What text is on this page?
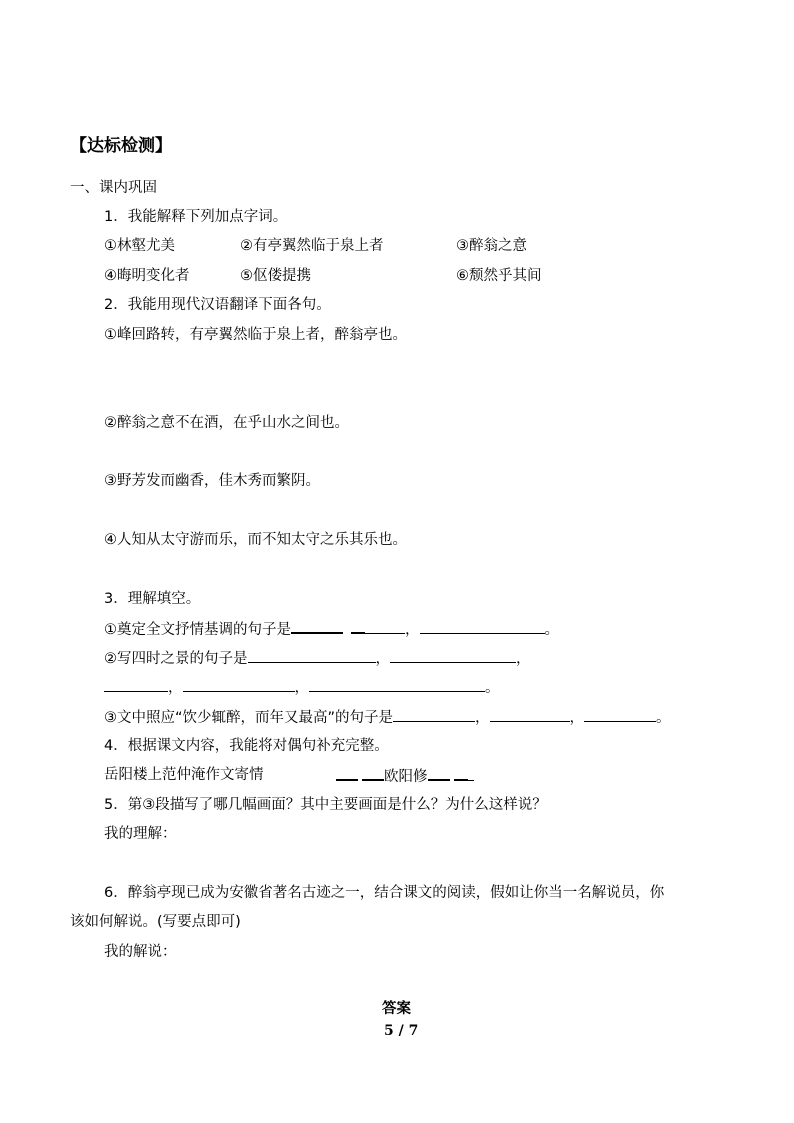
【达标检测】
一、课内巩固
1．我能解释下列加点字词。
①林壑尤美	②有亭翼然临于泉上者	③醉翁之意
④晦明变化者	⑤伛偻提携	⑥颓然乎其间
2．我能用现代汉语翻译下面各句。
①峰回路转，有亭翼然临于泉上者，醉翁亭也。
②醉翁之意不在酒，在乎山水之间也。
③野芳发而幽香，佳木秀而繁阴。
④人知从太守游而乐，而不知太守之乐其乐也。
3．理解填空。
①奠定全文抒情基调的句子是	，	。
②写四时之景的句子是	，	，
，	，	。
③文中照应“饮少辄醉，而年又最高”的句子是	，	，	。
4．根据课文内容，我能将对偶句补充完整。
岳阳楼上范仲淹作文寄情	欧阳修
5．第③段描写了哪几幅画面？其中主要画面是什么？为什么这样说？
我的理解：
6．醉翁亭现已成为安徽省著名古迹之一，结合课文的阅读，假如让你当一名解说员，你
该如何解说。(写要点即可)
我的解说：
答案
5 / 7
